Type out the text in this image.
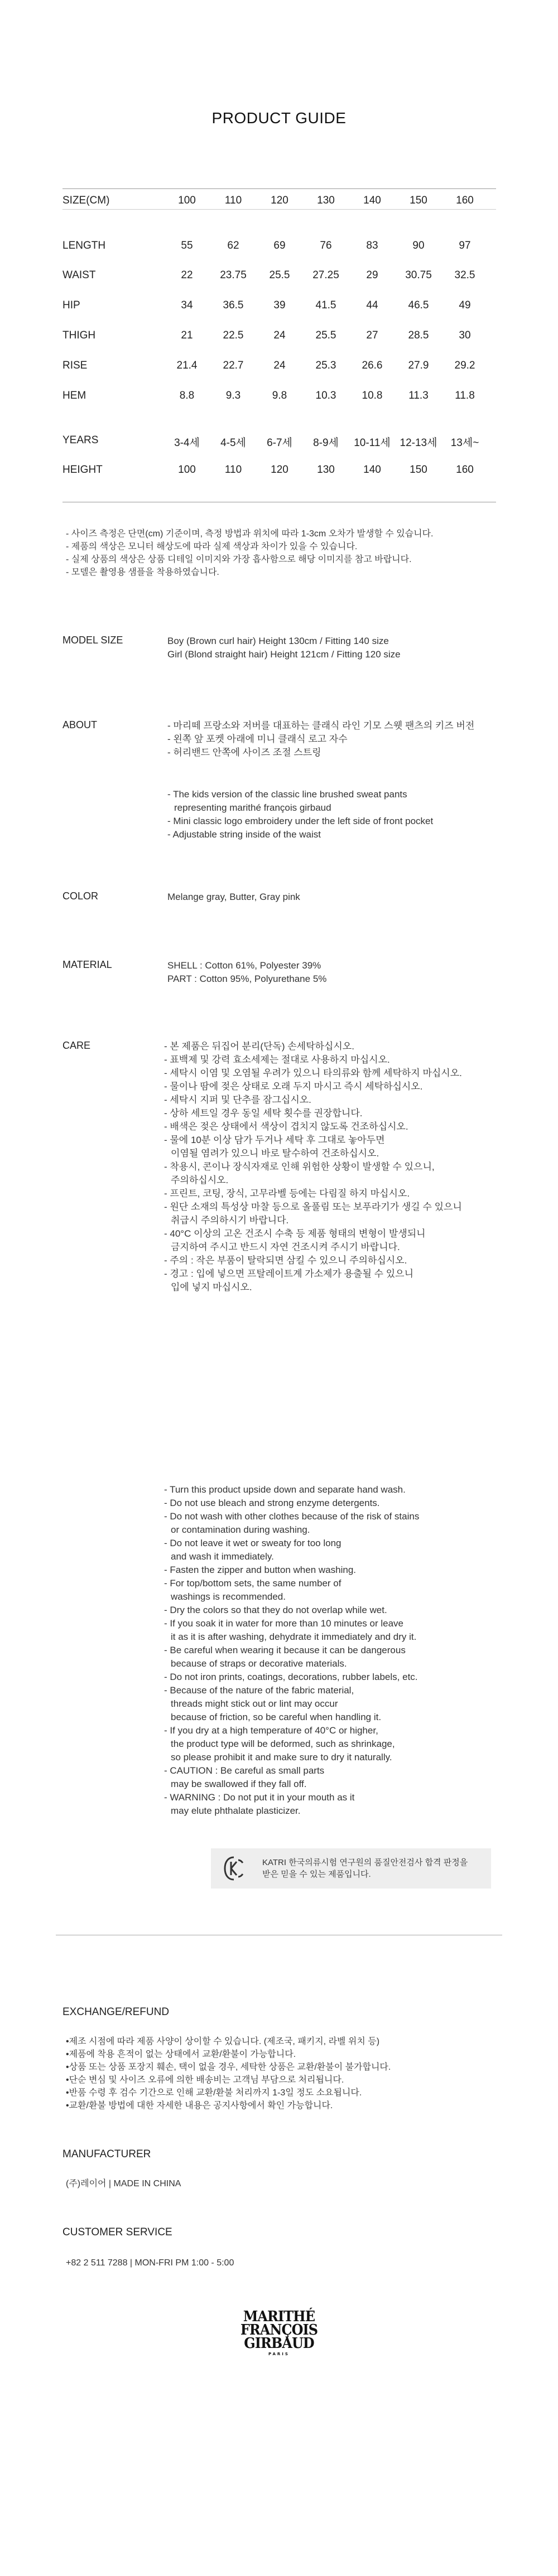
PRODUCT GUIDE
- 사이즈 측정은 단면(cm) 기준이며, 측정 방법과 위치에 따라 1-3cm 오차가 발생할 수 있습니다.
- 제품의 색상은 모니터 해상도에 따라 실제 색상과 차이가 있을 수 있습니다.
- 실제 상품의 색상은 상품 디테일 이미지와 가장 흡사함으로 해당 이미지를 참고 바랍니다.
- 모델은 촬영용 샘플을 착용하였습니다.
MODEL SIZE	Boy (Brown curl hair) Height 130cm / Fitting 140 size
Girl (Blond straight hair) Height 121cm / Fitting 120 size
ABOUT	- 마리떼 프랑소와 저버를 대표하는 클래식 라인 기모 스웻 팬츠의 키즈 버전
- 왼쪽 앞 포켓 아래에 미니 클래식 로고 자수
- 허리밴드 안쪽에 사이즈 조절 스트링
- The kids version of the classic line brushed sweat pants
representing marithé françois girbaud
- Mini classic logo embroidery under the left side of front pocket
- Adjustable string inside of the waist
COLOR	Melange gray, Butter, Gray pink
MATERIAL	SHELL : Cotton 61%, Polyester 39%
PART : Cotton 95%, Polyurethane 5%
CARE	- 본 제품은 뒤집어 분리(단독) 손세탁하십시오.
- 표백제 및 강력 효소세제는 절대로 사용하지 마십시오.
- 세탁시 이염 및 오염될 우려가 있으니 타의류와 함께 세탁하지 마십시오.
- 물이나 땀에 젖은 상태로 오래 두지 마시고 즉시 세탁하십시오.
- 세탁시 지퍼 및 단추를 잠그십시오.
- 상하 세트일 경우 동일 세탁 횟수를 권장합니다.
- 배색은 젖은 상태에서 색상이 겹치지 않도록 건조하십시오.
- 물에 10분 이상 담가 두거나 세탁 후 그대로 놓아두면
이염될 염려가 있으니 바로 탈수하여 건조하십시오.
- 착용시, 콘이나 장식자재로 인해 위험한 상황이 발생할 수 있으니,
주의하십시오.
- 프린트, 코팅, 장식, 고무라벨 등에는 다림질 하지 마십시오.
- 원단 소재의 특성상 마찰 등으로 올풀림 또는 보푸라기가 생길 수 있으니
취급시 주의하시기 바랍니다.
- 40°C 이상의 고온 건조시 수축 등 제품 형태의 변형이 발생되니
금지하여 주시고 반드시 자연 건조시켜 주시기 바랍니다.
- 주의 : 작은 부품이 탈락되면 삼킬 수 있으니 주의하십시오.
- 경고 : 입에 넣으면 프탈레이트계 가소제가 용출될 수 있으니
입에 넣지 마십시오.
- Turn this product upside down and separate hand wash.
- Do not use bleach and strong enzyme detergents.
- Do not wash with other clothes because of the risk of stains
or contamination during washing.
- Do not leave it wet or sweaty for too long
and wash it immediately.
- Fasten the zipper and button when washing.
- For top/bottom sets, the same number of
washings is recommended.
- Dry the colors so that they do not overlap while wet.
- If you soak it in water for more than 10 minutes or leave
it as it is after washing, dehydrate it immediately and dry it.
- Be careful when wearing it because it can be dangerous
because of straps or decorative materials.
- Do not iron prints, coatings, decorations, rubber labels, etc.
- Because of the nature of the fabric material,
threads might stick out or lint may occur
because of friction, so be careful when handling it.
- If you dry at a high temperature of 40°C or higher,
the product type will be deformed, such as shrinkage,
so please prohibit it and make sure to dry it naturally.
- CAUTION : Be careful as small parts
may be swallowed if they fall off.
- WARNING : Do not put it in your mouth as it
may elute phthalate plasticizer.
KATRI 한국의류시험 연구원의 품질안전검사 합격 판정을
받은 믿을 수 있는 제품입니다.
EXCHANGE/REFUND
•제조 시점에 따라 제품 사양이 상이할 수 있습니다. (제조국, 패키지, 라벨 위치 등)
•제품에 착용 흔적이 없는 상태에서 교환/환불이 가능합니다.
•상품 또는 상품 포장지 훼손, 택이 없을 경우, 세탁한 상품은 교환/환불이 불가합니다.
•단순 변심 및 사이즈 오류에 의한 배송비는 고객님 부담으로 처리됩니다.
•반품 수령 후 검수 기간으로 인해 교환/환불 처리까지 1-3일 정도 소요됩니다.
•교환/환불 방법에 대한 자세한 내용은 공지사항에서 확인 가능합니다.
MANUFACTURER
(주)레이어 | MADE IN CHINA
CUSTOMER SERVICE
+82 2 511 7288 | MON-FRI PM 1:00 - 5:00
MARITHÉ
FRANÇOIS
GIRBAUD
PARIS
SIZE(CM)	100	110	120	130	140	150	160
LENGTH	55	62	69	76	83	90	97
WAIST	22	23.75	25.5	27.25	29	30.75	32.5
HIP	34	36.5	39	41.5	44	46.5	49
THIGH	21	22.5	24	25.5	27	28.5	30
RISE	21.4	22.7	24	25.3	26.6	27.9	29.2
HEM	8.8	9.3	9.8	10.3	10.8	11.3	11.8
YEARS	3-4세	4-5세	6-7세	8-9세	10-11세 12-13세	13세~
HEIGHT	100	110	120	130	140	150	160
